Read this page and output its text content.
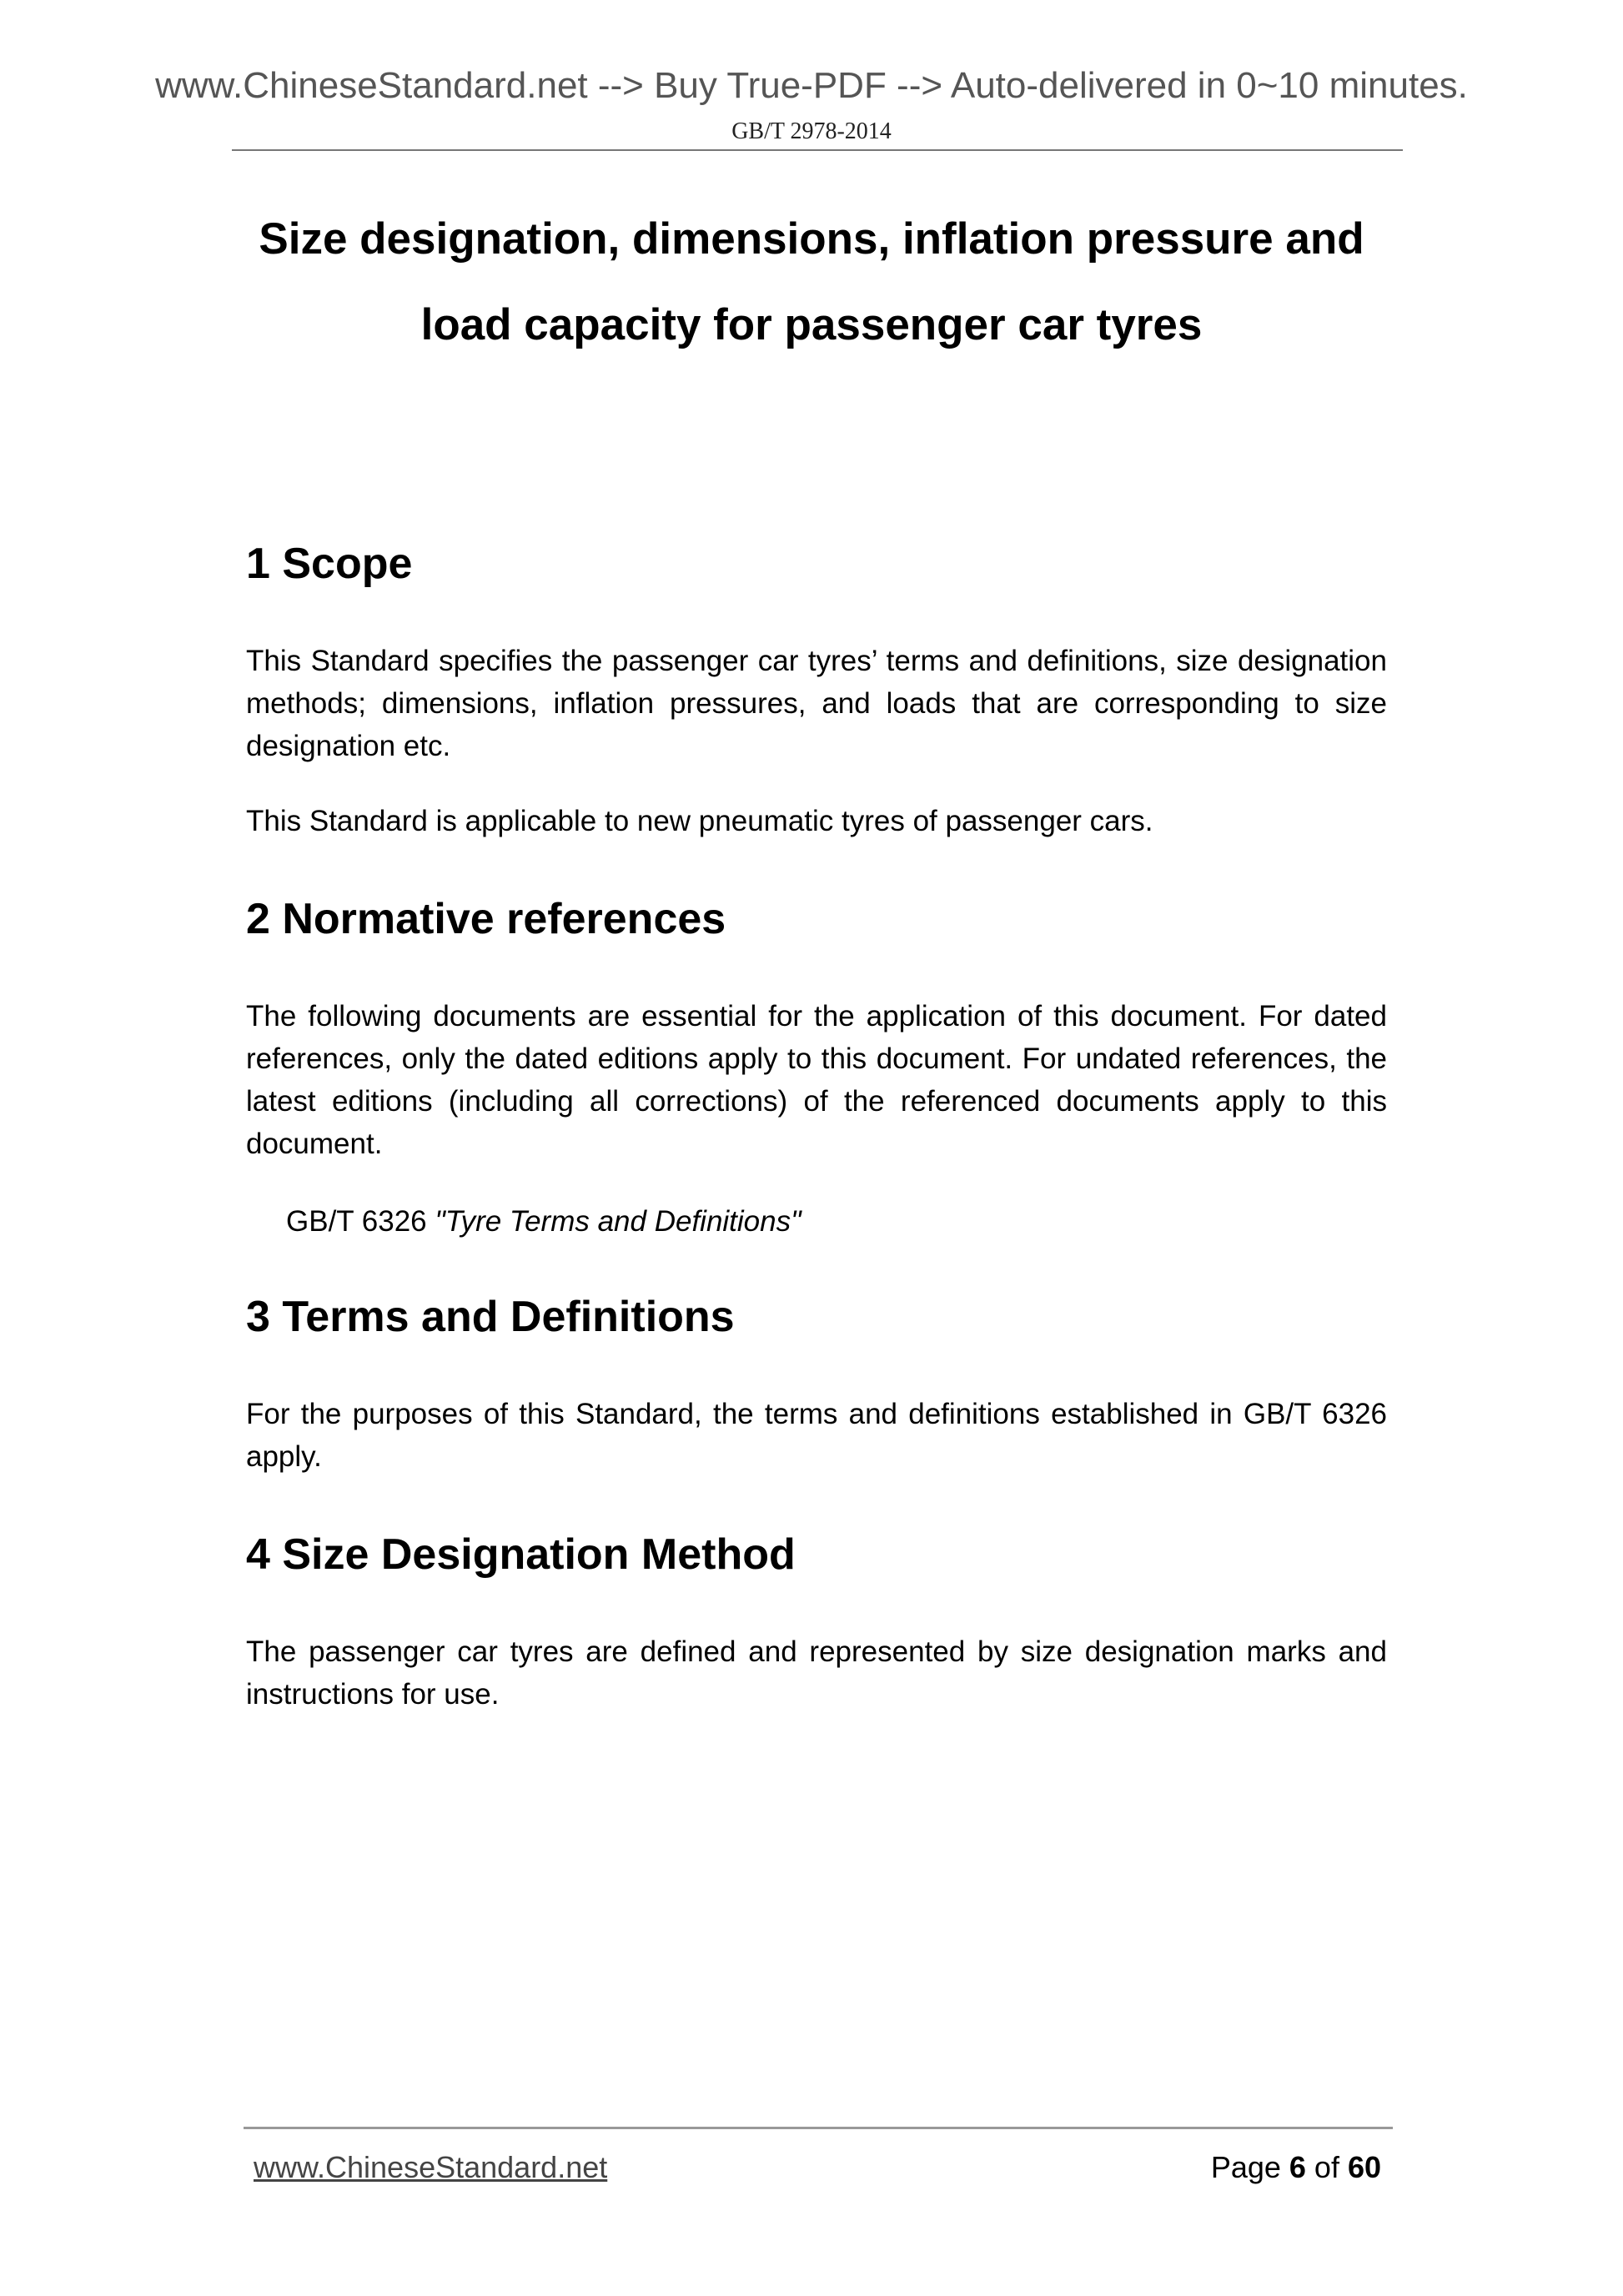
www.ChineseStandard.net --> Buy True-PDF --> Auto-delivered in 0~10 minutes.
GB/T 2978-2014
Size designation, dimensions, inflation pressure and
load capacity for passenger car tyres
1 Scope
This Standard specifies the passenger car tyres’ terms and definitions, size designation methods; dimensions, inflation pressures, and loads that are corresponding to size designation etc.
This Standard is applicable to new pneumatic tyres of passenger cars.
2 Normative references
The following documents are essential for the application of this document. For dated references, only the dated editions apply to this document. For undated references, the latest editions (including all corrections) of the referenced documents apply to this document.
GB/T 6326 "Tyre Terms and Definitions"
3 Terms and Definitions
For the purposes of this Standard, the terms and definitions established in GB/T 6326 apply.
4 Size Designation Method
The passenger car tyres are defined and represented by size designation marks and instructions for use.
www.ChineseStandard.net	Page 6 of 60
